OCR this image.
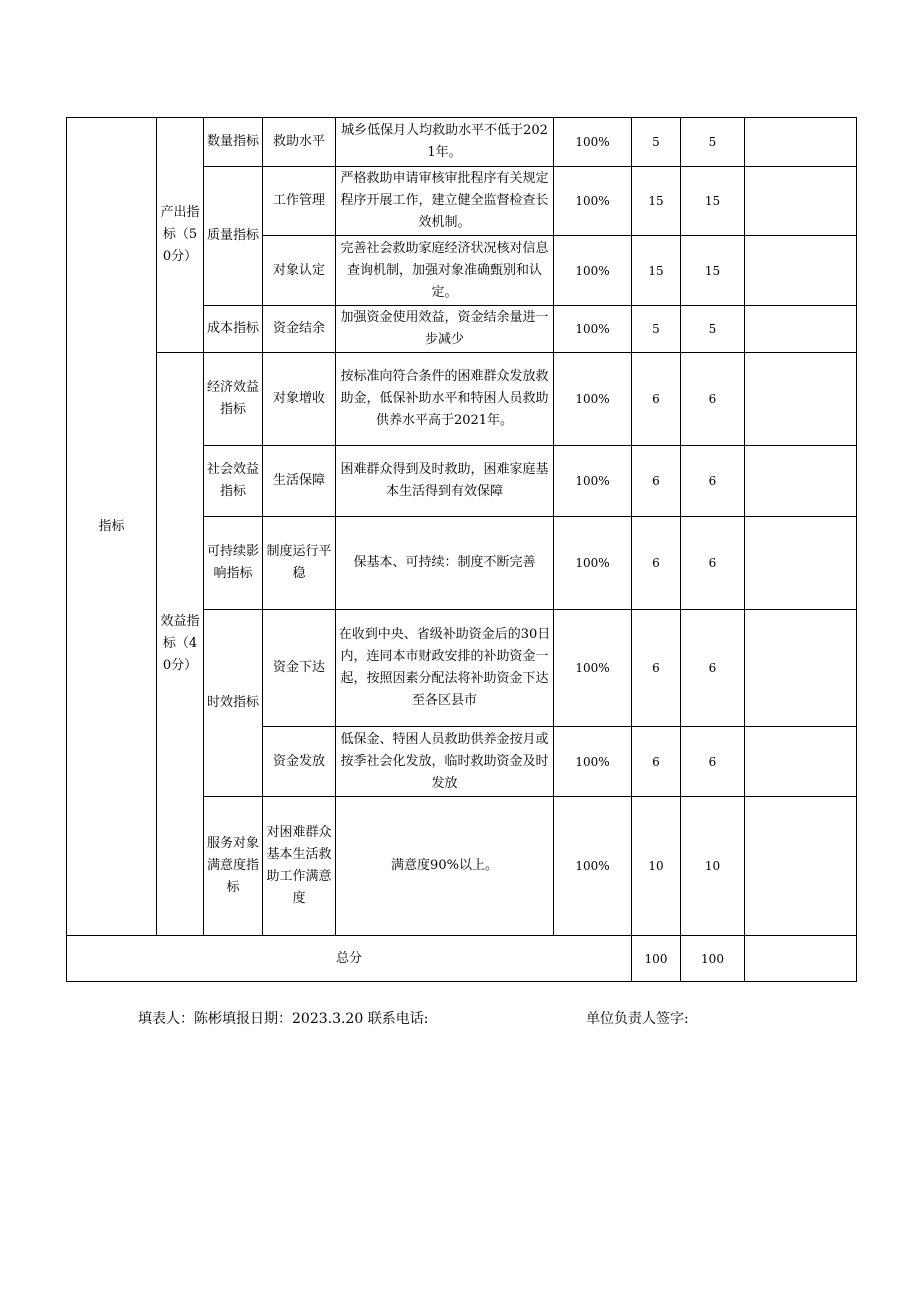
指标	产出指标（50分）	数量指标	救助水平	城乡低保月人均救助水平不低于2021年。	100%	5	5	
		质量指标	工作管理	严格救助申请审核审批程序有关规定程序开展工作，建立健全监督检查长效机制。	100%	15	15	
			对象认定	完善社会救助家庭经济状况核对信息查询机制，加强对象准确甄别和认定。	100%	15	15	
		成本指标	资金结余	加强资金使用效益，资金结余量进一步减少	100%	5	5	
	效益指标（40分）	经济效益指标	对象增收	按标准向符合条件的困难群众发放救助金，低保补助水平和特困人员救助供养水平高于2021年。	100%	6	6	
		社会效益指标	生活保障	困难群众得到及时救助，困难家庭基本生活得到有效保障	100%	6	6	
		可持续影响指标	制度运行平稳	保基本、可持续：制度不断完善	100%	6	6	
		时效指标	资金下达	在收到中央、省级补助资金后的30日内，连同本市财政安排的补助资金一起，按照因素分配法将补助资金下达至各区县市	100%	6	6	
			资金发放	低保金、特困人员救助供养金按月或按季社会化发放，临时救助资金及时发放	100%	6	6	
		服务对象满意度指标	对困难群众基本生活救助工作满意度	满意度90%以上。	100%	10	10	
总分						100	100	
填表人：陈彬填报日期：2023.3.20 联系电话:	单位负责人签字:
